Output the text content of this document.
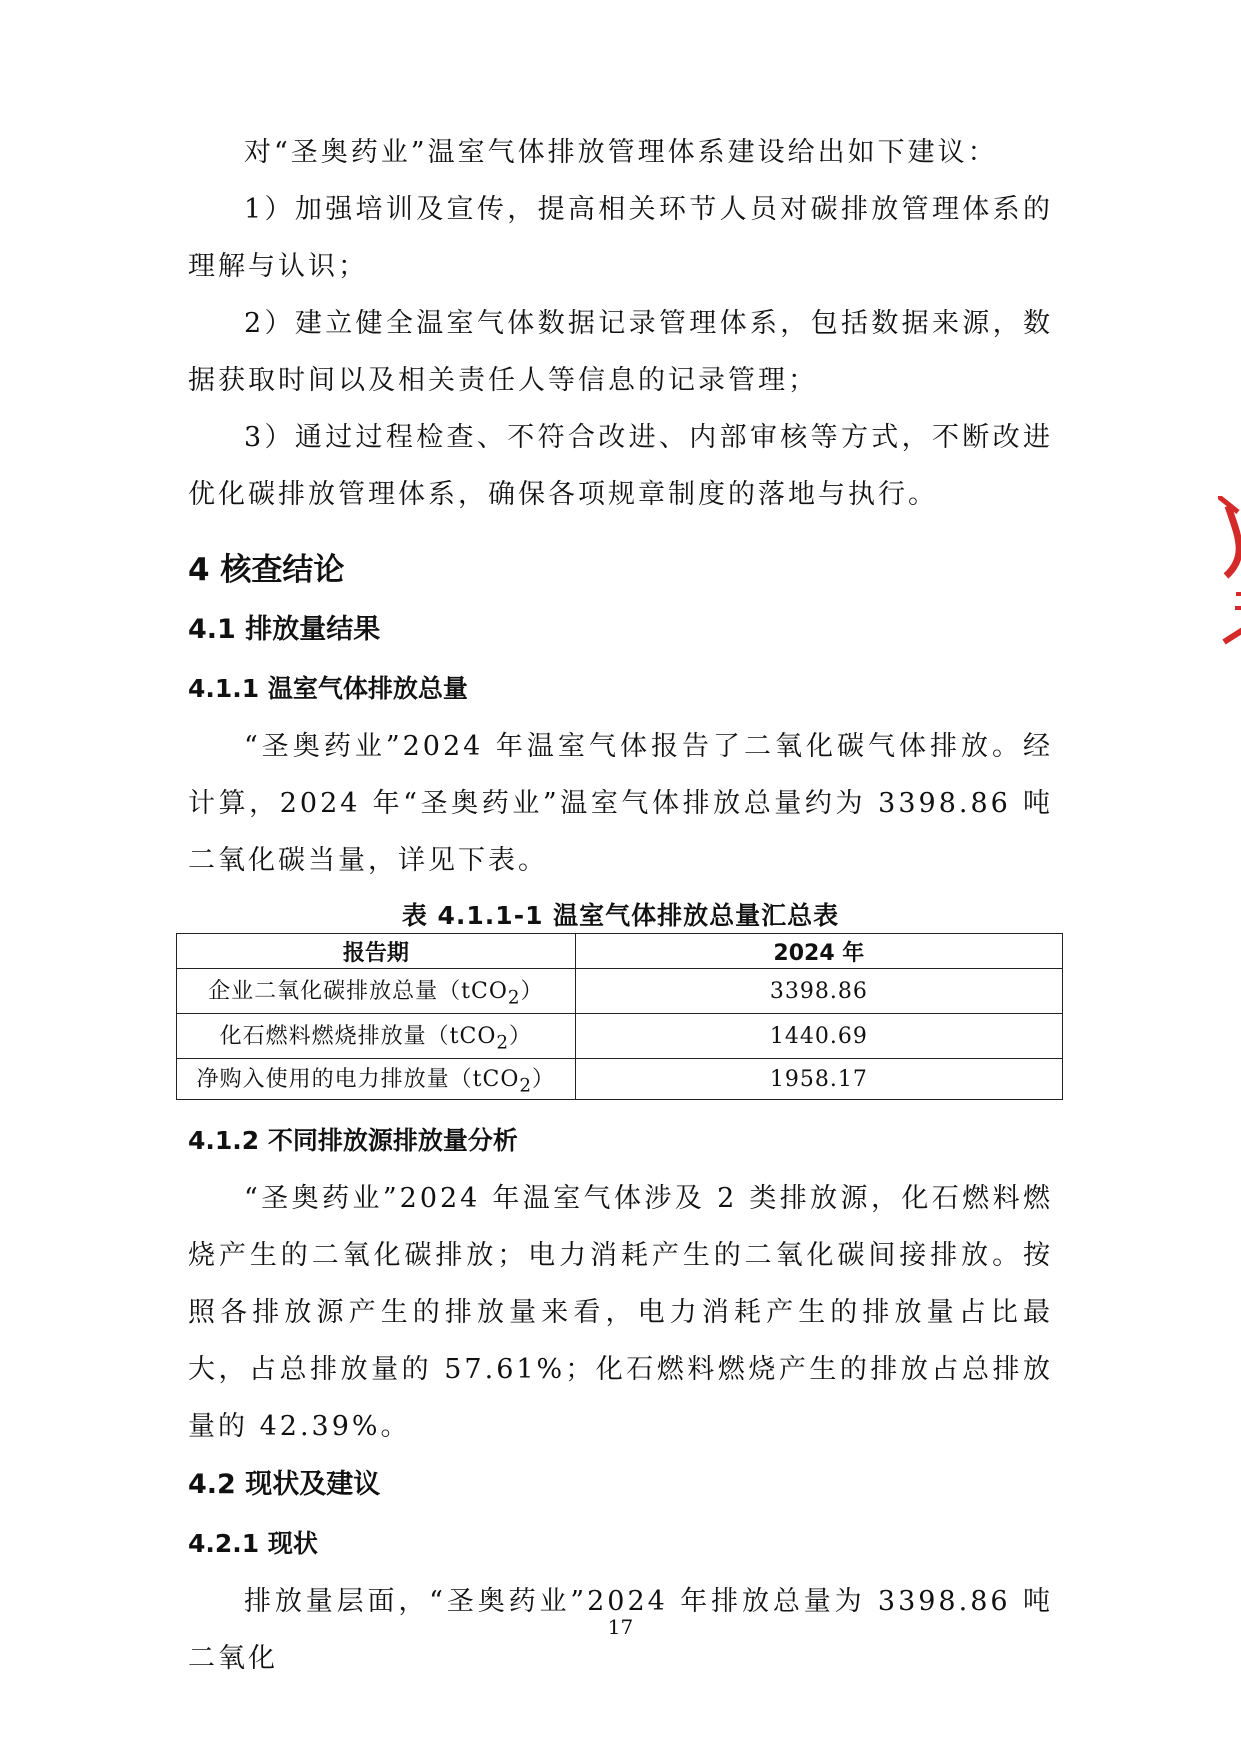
对“圣奥药业”温室气体排放管理体系建设给出如下建议：

1）加强培训及宣传，提高相关环节人员对碳排放管理体系的理解与认识；

2）建立健全温室气体数据记录管理体系，包括数据来源，数据获取时间以及相关责任人等信息的记录管理；

3）通过过程检查、不符合改进、内部审核等方式，不断改进优化碳排放管理体系，确保各项规章制度的落地与执行。

4 核查结论
4.1 排放量结果
4.1.1 温室气体排放总量

“圣奥药业”2024 年温室气体报告了二氧化碳气体排放。经计算，2024 年“圣奥药业”温室气体排放总量约为 3398.86 吨二氧化碳当量，详见下表。

表 4.1.1-1 温室气体排放总量汇总表
报告期	2024 年
企业二氧化碳排放总量（tCO$_2$）	3398.86
化石燃料燃烧排放量（tCO$_2$）	1440.69
净购入使用的电力排放量（tCO$_2$）	1958.17
4.1.2 不同排放源排放量分析

“圣奥药业”2024 年温室气体涉及 2 类排放源，化石燃料燃烧产生的二氧化碳排放；电力消耗产生的二氧化碳间接排放。按照各排放源产生的排放量来看，电力消耗产生的排放量占比最大，占总排放量的 57.61%；化石燃料燃烧产生的排放占总排放量的 42.39%。

4.2 现状及建议
4.2.1 现状

排放量层面，“圣奥药业”2024 年排放总量为 3398.86 吨二氧化

17
